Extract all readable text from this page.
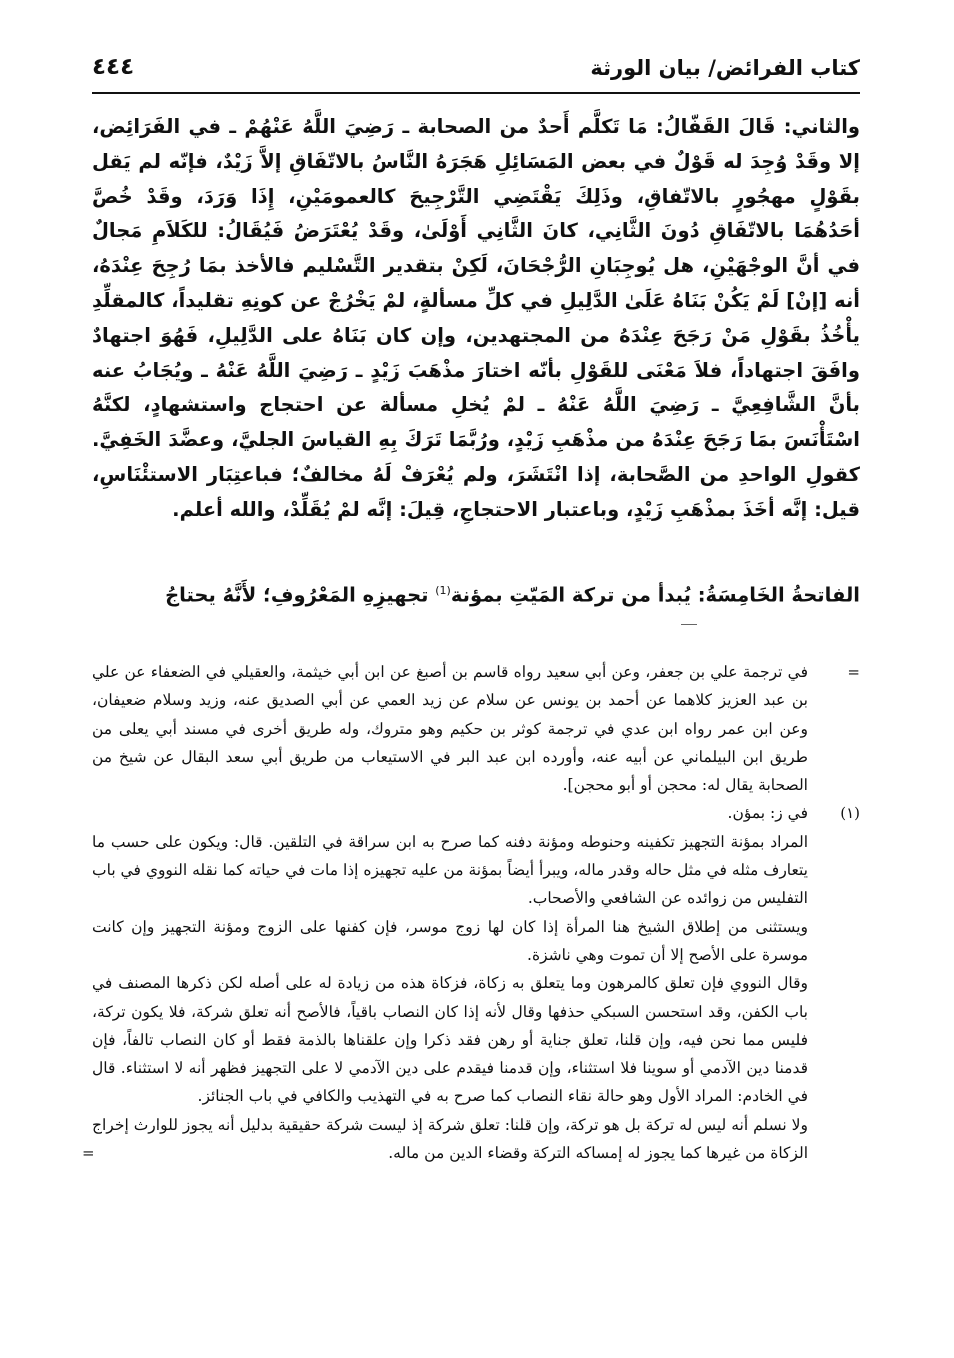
كتاب الفرائض/ بيان الورثة
٤٤٤

والثاني: قَالَ القَفّالُ: مَا تَكلَّم أَحدٌ من الصحابة ـ رَضِيَ اللَّهُ عَنْهُمْ ـ في الفَرَائِض، إلا وقَدْ وُجِدَ له قَوْلٌ في بعض المَسَائِلِ هَجَرَهُ النَّاسُ بالاتّفَاقِ إلاَّ زَيْدٌ، فإنّه لم يَقل بقَوْلٍ مهجُورٍ بالاتّفاقِ، وذَلِكَ يَقْتَضِي التَّرْجِيحَ كالعمومَيْنِ، إِذَا وَرَدَ، وقَدْ خُصَّ أحَدُهُمَا بالاتّفَاقِ دُونَ الثَّانِي، كانَ الثَّانِي أَوْلَىٰ، وقَدْ يُعْتَرَضُ فَيُقَالُ: للكَلاَمِ مَجالٌ في أنَّ الوجْهَيْنِ، هل يُوجِبَانِ الرُّجْحَانَ، لَكِنْ بتقدير التَّسْليم فالأخذ بمَا رُجِحَ عِنْدَهُ، أنه [إنْ] لَمْ يَكُنْ بَنَاهُ عَلَىٰ الدَّلِيلِ في كلِّ مسألةٍ، لمْ يَخْرُجْ عن كونِهِ تقليداً، كالمقلِّدِ يأْخُذُ بقَوْلِ مَنْ رَجَحَ عِنْدَهُ من المجتهدين، وإن كان بَنَاهُ على الدَّلِيلِ، فَهُوَ اجتهادٌ وافَقَ اجتهاداً، فلاَ مَعْنَى للقَوْلِ بأنّه اختارَ مذْهَبَ زَيْدٍ ـ رَضِيَ اللَّهُ عَنْهُ ـ ويُجَابُ عنه بأنَّ الشَّافِعِيَّ ـ رَضِيَ اللَّهُ عَنْهُ ـ لمْ يُخلِ مسألة عن احتجاج واستشهادٍ، لكنَّهُ اسْتَأْنَسَ بمَا رَجَحَ عِنْدَهُ من مذْهَبِ زَيْدٍ، ورُبَّمَا تَرَكَ بِهِ القياسَ الجليَّ، وعضَّدَ الخَفِيَّ. كقولِ الواحدِ من الصَّحابة، إذا انْتَشَرَ، ولم يُعْرَفْ لَهُ مخالفٌ؛ فباعتِبَار الاستئْنَاسِ، قيل: إنَّه أخَذَ بمذْهَبِ زَيْدٍ، وباعتبار الاحتجاجِ، قِيلَ: إنَّه لمْ يُقَلِّدْ، والله أعلم.

الفاتحةُ الخَامِسَةُ: يُبدأ من تركة المَيّتِ بمؤنة$^{(1)}$ تجهيزِهِ المَعْرُوفِ؛ لأَنَّهُ يحتاجُ
=

في ترجمة علي بن جعفر، وعن أبي سعيد رواه قاسم بن أصبغ عن ابن أبي خيثمة، والعقيلي في الضعفاء عن علي بن عبد العزيز كلاهما عن أحمد بن يونس عن سلام عن زيد العمي عن أبي الصديق عنه، وزيد وسلام ضعيفان، وعن ابن عمر رواه ابن عدي في ترجمة كوثر بن حكيم وهو متروك، وله طريق أخرى في مسند أبي يعلى من طريق ابن البيلماني عن أبيه عنه، وأورده ابن عبد البر في الاستيعاب من طريق أبي سعد البقال عن شيخ من الصحابة يقال له: محجن أو أبو محجن].

(١)

في ز: بمؤن.

المراد بمؤنة التجهيز تكفينه وحنوطه ومؤنة دفنه كما صرح به ابن سراقة في التلقين. قال: ويكون على حسب ما يتعارف مثله في مثل حاله وقدر ماله، ويبرأ أيضاً بمؤنة من عليه تجهيزه إذا مات في حياته كما نقله النووي في باب التفليس من زوائده عن الشافعي والأصحاب.

ويستثنى من إطلاق الشيخ هنا المرأة إذا كان لها زوج موسر، فإن كفنها على الزوج ومؤنة التجهيز وإن كانت موسرة على الأصح إلا أن تموت وهي ناشزة.

وقال النووي فإن تعلق كالمرهون وما يتعلق به زكاة، فزكاة هذه من زيادة له على أصله لكن ذكرها المصنف في باب الكفن، وقد استحسن السبكي حذفها وقال لأنه إذا كان النصاب باقياً، فالأصح أنه تعلق شركة، فلا يكون تركة، فليس مما نحن فيه، وإن قلنا، تعلق جناية أو رهن فقد ذكرا وإن علقناها بالذمة فقط أو كان النصاب تالفاً، فإن قدمنا دين الآدمي أو سوينا فلا استثناء، وإن قدمنا فيقدم على دين الآدمي لا على التجهيز فظهر أنه لا استثناء. قال في الخادم: المراد الأول وهو حالة نقاء النصاب كما صرح به في التهذيب والكافي في باب الجنائز.

ولا نسلم أنه ليس له تركة بل هو تركة، وإن قلنا: تعلق شركة إذ ليست شركة حقيقية بدليل أنه يجوز للوارث إخراج الزكاة من غيرها كما يجوز له إمساكه التركة وقضاء الدين من ماله.

=
